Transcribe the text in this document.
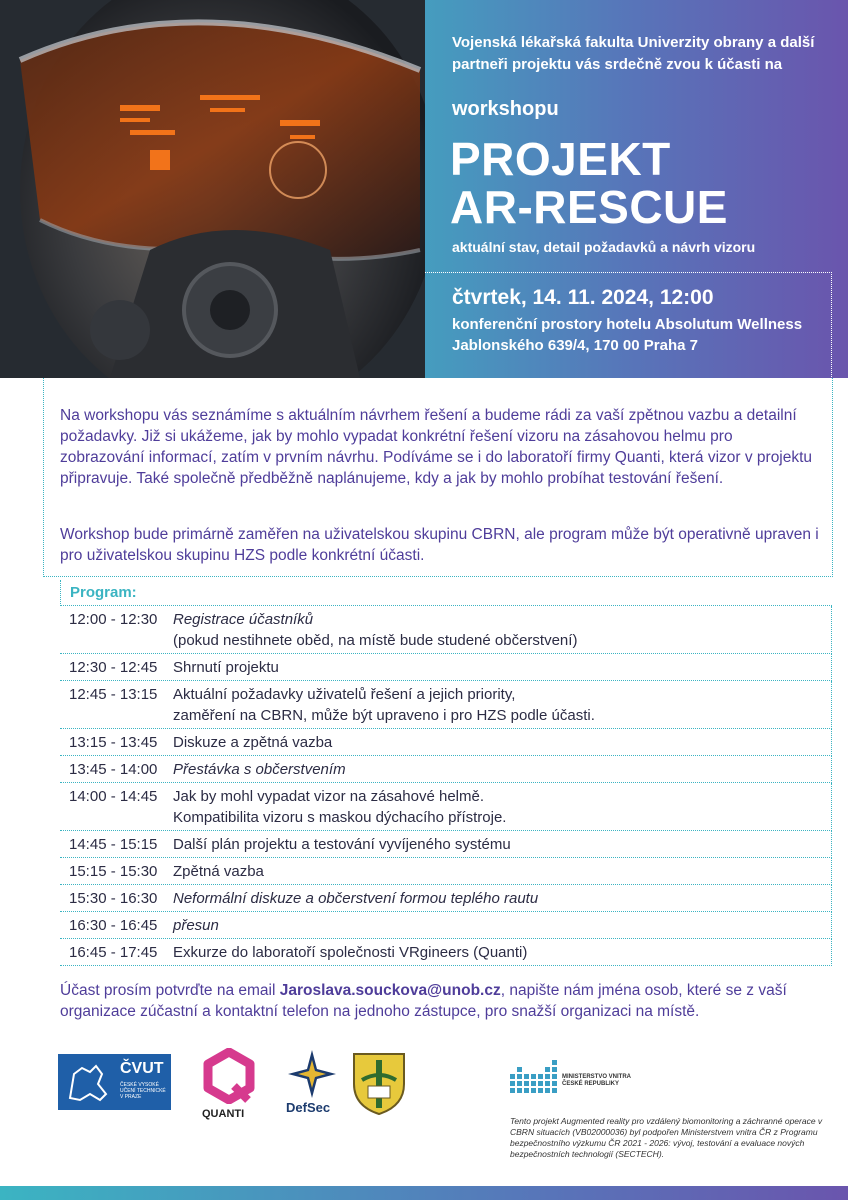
Vojenská lékařská fakulta Univerzity obrany a další partneři projektu vás srdečně zvou k účasti na

workshopu

PROJEKT
AR-RESCUE

aktuální stav, detail požadavků a návrh vizoru

čtvrtek, 14. 11. 2024, 12:00

konferenční prostory hotelu Absolutum Wellness
Jablonského 639/4, 170 00 Praha 7

Na workshopu vás seznámíme s aktuálním návrhem řešení a budeme rádi za vaší zpětnou vazbu a detailní požadavky. Již si ukážeme, jak by mohlo vypadat konkrétní řešení vizoru na zásahovou helmu pro zobrazování informací, zatím v prvním návrhu. Podíváme se i do laboratoří firmy Quanti, která vizor v projektu připravuje. Také společně předběžně naplánujeme, kdy a jak by mohlo probíhat testování řešení.

Workshop bude primárně zaměřen na uživatelskou skupinu CBRN, ale program může být operativně upraven i pro uživatelskou skupinu HZS podle konkrétní účasti.

Program:
12:00 - 12:30	Registrace účastníků
(pokud nestihnete oběd, na místě bude studené občerstvení)
12:30 - 12:45	Shrnutí projektu
12:45 - 13:15	Aktuální požadavky uživatelů řešení a jejich priority,
zaměření na CBRN, může být upraveno i pro HZS podle účasti.
13:15 - 13:45	Diskuze a zpětná vazba
13:45 - 14:00	Přestávka s občerstvením
14:00 - 14:45	Jak by mohl vypadat vizor na zásahové helmě.
Kompatibilita vizoru s maskou dýchacího přístroje.
14:45 - 15:15	Další plán projektu a testování vyvíjeného systému
15:15 - 15:30	Zpětná vazba
15:30 - 16:30	Neformální diskuze a občerstvení formou teplého rautu
16:30 - 16:45	přesun
16:45 - 17:45	Exkurze do laboratoří společnosti VRgineers (Quanti)

Účast prosím potvrďte na email Jaroslava.souckova@unob.cz, napište nám jména osob, které se z vaší organizace zúčastní a kontaktní telefon na jednoho zástupce, pro snažší organizaci na místě.

ČVUT
ČESKÉ VYSOKÉ UČENÍ TECHNICKÉ V PRAZE
QUANTI	DefSec
MINISTERSTVO VNITRA ČESKÉ REPUBLIKY

Tento projekt Augmented reality pro vzdálený biomonitoring a záchranné operace v CBRN situacích (VB02000036) byl podpořen Ministerstvem vnitra ČR z Programu bezpečnostního výzkumu ČR 2021 - 2026: vývoj, testování a evaluace nových bezpečnostních technologií (SECTECH).
